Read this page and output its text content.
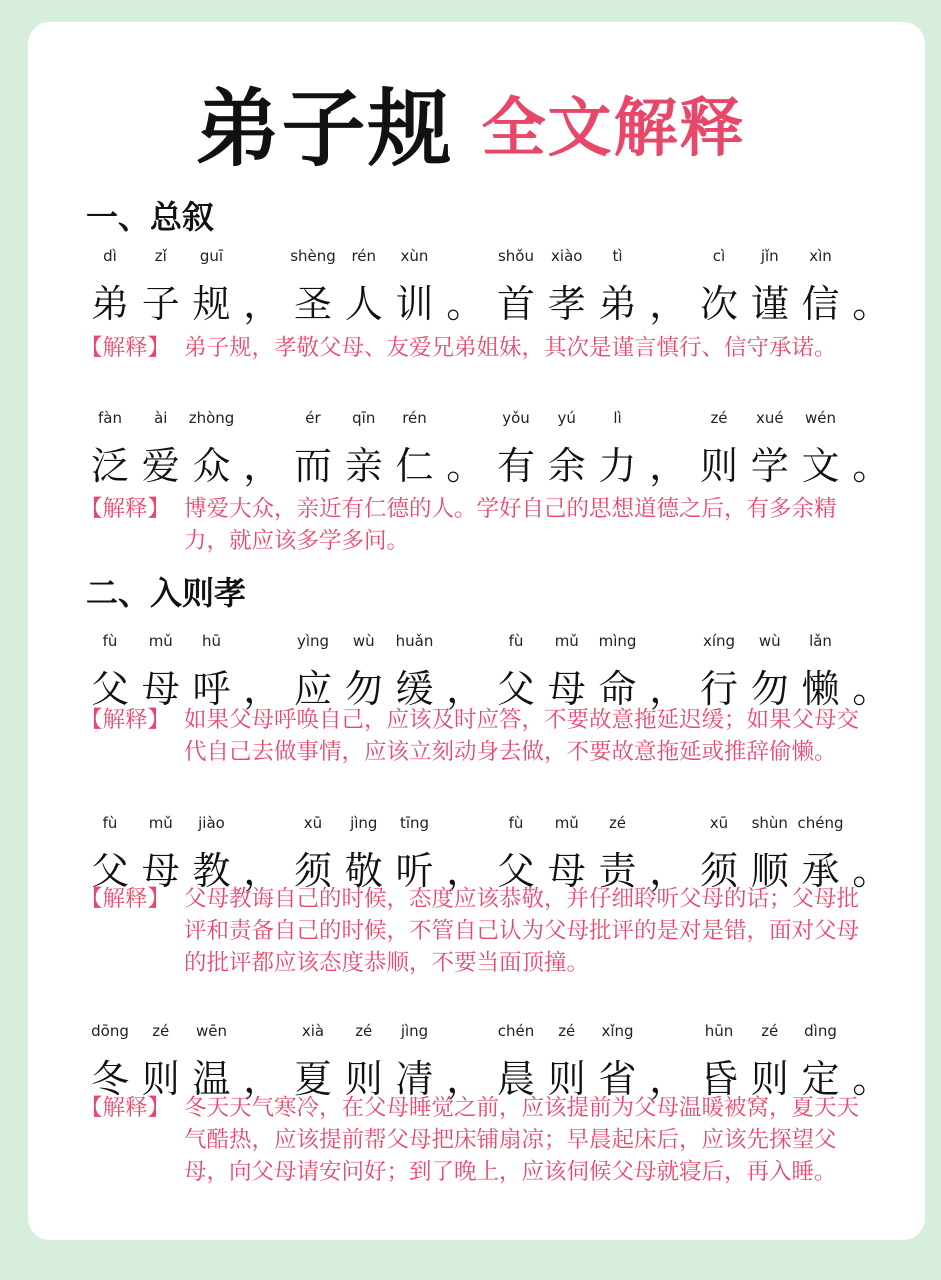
弟子规 全文解释
一、总叙
dì
弟
zǐ
子
guī
规 ，
shèng
圣
rén
人
xùn
训 。
shǒu
首
xiào
孝
tì
弟 ，
cì
次
jǐn
谨
xìn
信 。
【解释】 弟子规，孝敬父母、友爱兄弟姐妹，其次是谨言慎行、信守承诺。
fàn
泛
ài
爱
zhòng
众 ，
ér
而
qīn
亲
rén
仁 。
yǒu
有
yú
余
lì
力 ，
zé
则
xué
学
wén
文 。
【解释】 博爱大众，亲近有仁德的人。学好自己的思想道德之后，有多余精力，就应该多学多问。
二、入则孝
fù
父
mǔ
母
hū
呼 ，
yìng
应
wù
勿
huǎn
缓 ，
fù
父
mǔ
母
mìng
命 ，
xíng
行
wù
勿
lǎn
懒 。
【解释】 如果父母呼唤自己，应该及时应答，不要故意拖延迟缓；如果父母交代自己去做事情，应该立刻动身去做，不要故意拖延或推辞偷懒。
fù
父
mǔ
母
jiào
教 ，
xū
须
jìng
敬
tīng
听 ，
fù
父
mǔ
母
zé
责 ，
xū
须
shùn
顺
chéng
承 。
【解释】 父母教诲自己的时候，态度应该恭敬，并仔细聆听父母的话；父母批评和责备自己的时候，不管自己认为父母批评的是对是错，面对父母的批评都应该态度恭顺，不要当面顶撞。
dōng
冬
zé
则
wēn
温 ，
xià
夏
zé
则
jìng
凊 ，
chén
晨
zé
则
xǐng
省 ，
hūn
昏
zé
则
dìng
定 。
【解释】 冬天天气寒冷，在父母睡觉之前，应该提前为父母温暖被窝，夏天天气酷热，应该提前帮父母把床铺扇凉；早晨起床后，应该先探望父母，向父母请安问好；到了晚上，应该伺候父母就寝后，再入睡。
